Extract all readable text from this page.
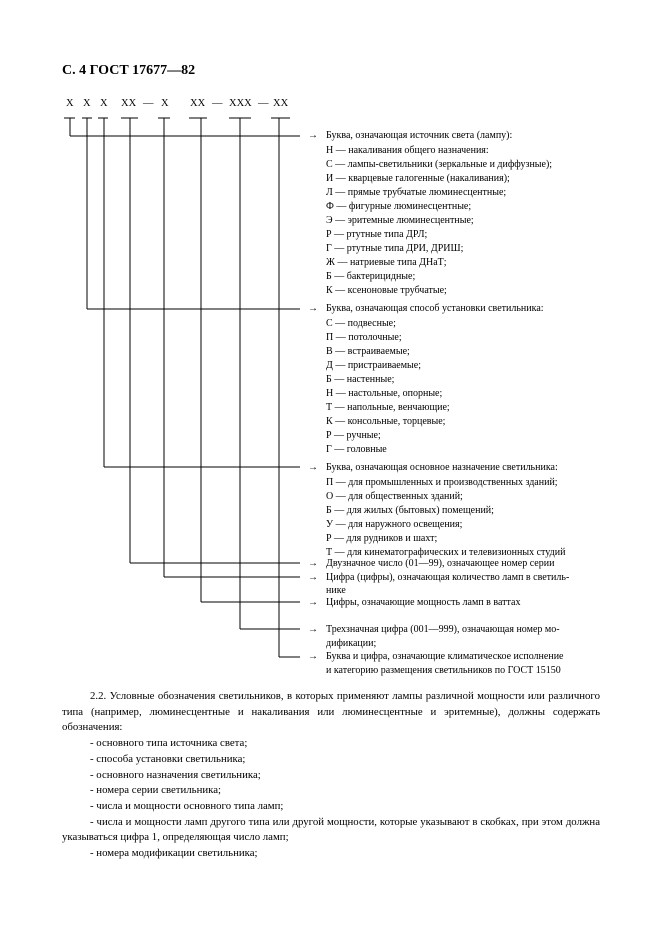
С. 4 ГОСТ 17677—82
Х Х Х ХХ — Х ХХ — ХХХ — ХХ
→ Буква, означающая источник света (лампу):
Н — накаливания общего назначения:
С — лампы-светильники (зеркальные и диффузные);
И — кварцевые галогенные (накаливания);
Л — прямые трубчатые люминесцентные;
Ф — фигурные люминесцентные;
Э — эритемные люминесцентные;
Р — ртутные типа ДРЛ;
Г — ртутные типа ДРИ, ДРИШ;
Ж — натриевые типа ДНаТ;
Б — бактерицидные;
К — ксеноновые трубчатые;
→ Буква, означающая способ установки светильника:
С — подвесные;
П — потолочные;
В — встраиваемые;
Д — пристраиваемые;
Б — настенные;
Н — настольные, опорные;
Т — напольные, венчающие;
К — консольные, торцевые;
Р — ручные;
Г — головные
→ Буква, означающая основное назначение светильника:
П — для промышленных и производственных зданий;
О — для общественных зданий;
Б — для жилых (бытовых) помещений;
У — для наружного освещения;
Р — для рудников и шахт;
Т — для кинематографических и телевизионных студий
→ Двузначное число (01—99), означающее номер серии
→ Цифра (цифры), означающая количество ламп в светиль-
нике
→ Цифры, означающие мощность ламп в ваттах
→ Трехзначная цифра (001—999), означающая номер мо-
дификации;
→ Буква и цифра, означающие климатическое исполнение
и категорию размещения светильников по ГОСТ 15150

2.2. Условные обозначения светильников, в которых применяют лампы различной мощности или различного типа (например, люминесцентные и накаливания или люминесцентные и эритемные), должны содержать обозначения:

- основного типа источника света;

- способа установки светильника;

- основного назначения светильника;

- номера серии светильника;

- числа и мощности основного типа ламп;

- числа и мощности ламп другого типа или другой мощности, которые указывают в скобках, при этом должна указываться цифра 1, определяющая число ламп;

- номера модификации светильника;
